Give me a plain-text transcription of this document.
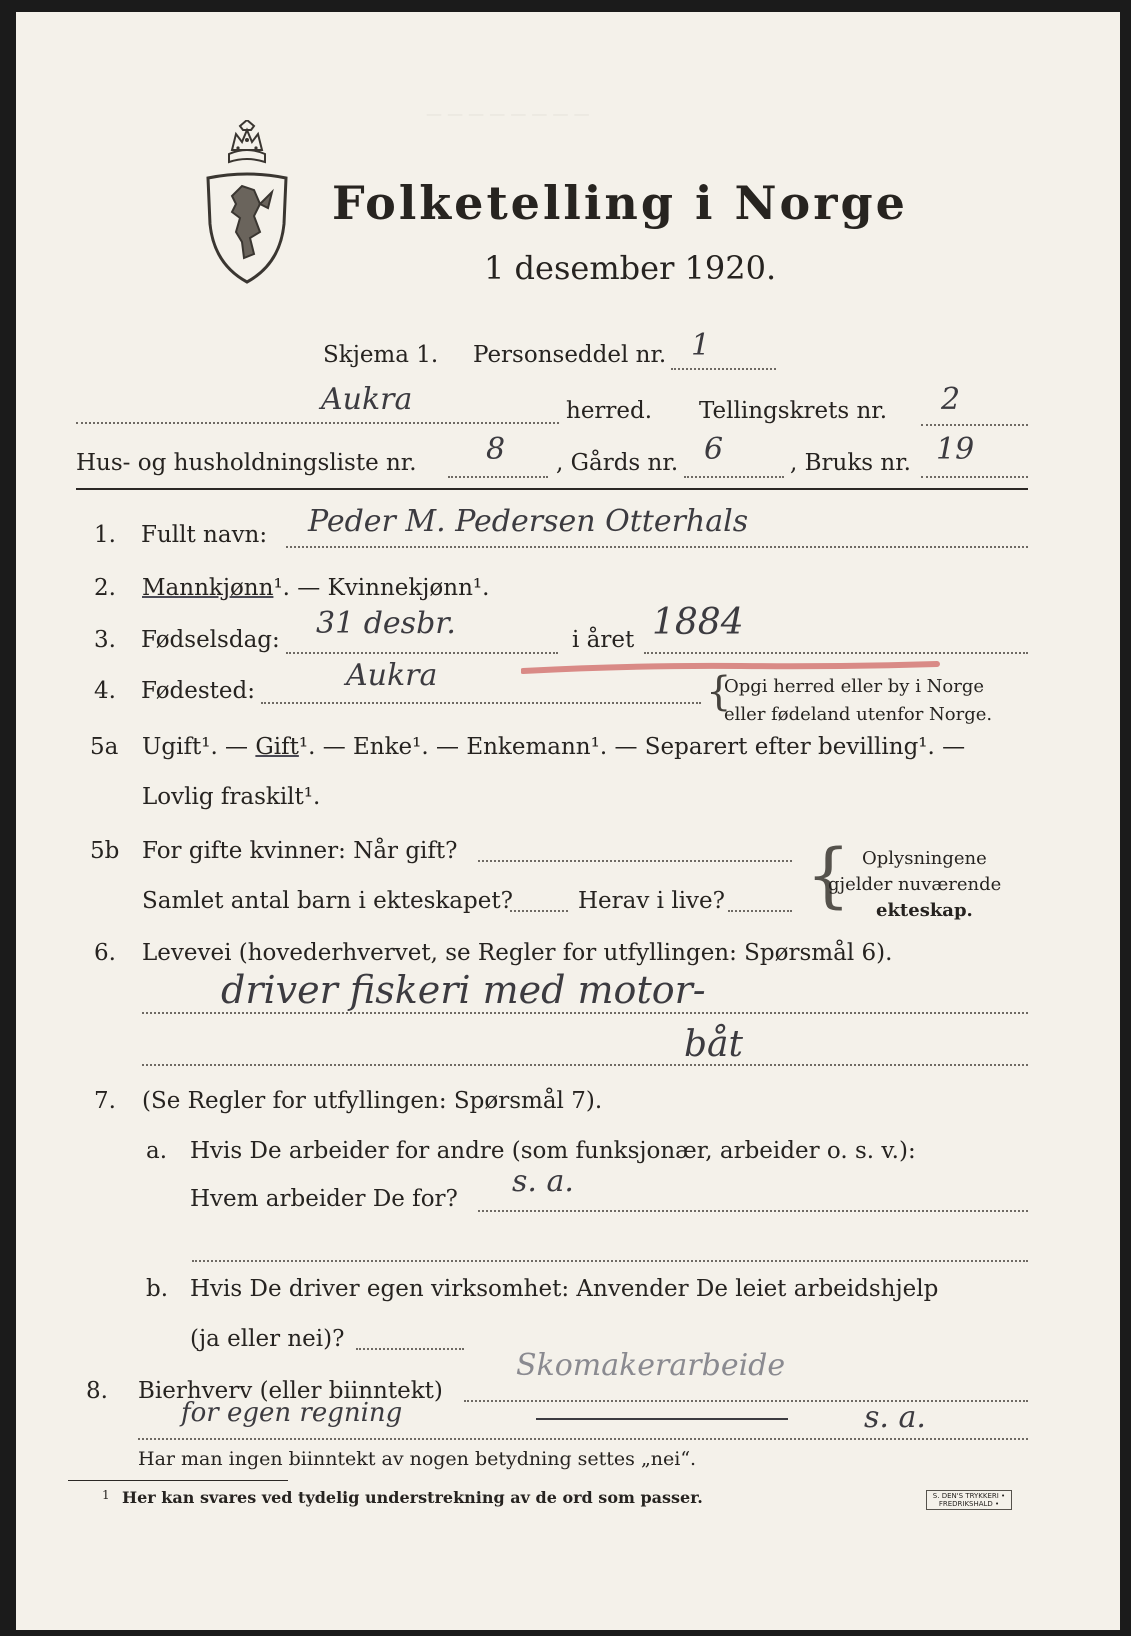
— — — — — — — —
Folketelling i Norge
1 desember 1920.
Skjema 1. Personseddel nr. 1
Aukra	herred. Tellingskrets nr. 2
Hus- og husholdningsliste nr. 8 , Gårds nr. 6	, Bruks nr. 19
1. Fullt navn: Peder M. Pedersen Otterhals
2. Mannkjønn¹. — Kvinnekjønn¹.
3. Fødselsdag: 31 desbr.	i året 1884
4. Fødested:	Aukra	{
Opgi herred eller by i Norge
eller fødeland utenfor Norge.
5a Ugift¹. — Gift¹. — Enke¹. — Enkemann¹. — Separert efter bevilling¹. —
Lovlig fraskilt¹.
5b For gifte kvinner: Når gift?
Samlet antal barn i ekteskapet?	Herav i live? { Oplysningene
gjelder nuværende
ekteskap.
6. Levevei (hovederhvervet, se Regler for utfyllingen: Spørsmål 6).
driver fiskeri med motor-
båt
7. (Se Regler for utfyllingen: Spørsmål 7).
a. Hvis De arbeider for andre (som funksjonær, arbeider o. s. v.):
Hvem arbeider De for? s. a.
b. Hvis De driver egen virksomhet: Anvender De leiet arbeidshjelp
(ja eller nei)?
8. Bierhverv (eller biinntekt)
Skomakerarbeide
for egen regning	s. a.
Har man ingen biinntekt av nogen betydning settes „nei“.
1 Her kan svares ved tydelig understrekning av de ord som passer.	S. DEN'S TRYKKERI • FREDRIKSHALD •
